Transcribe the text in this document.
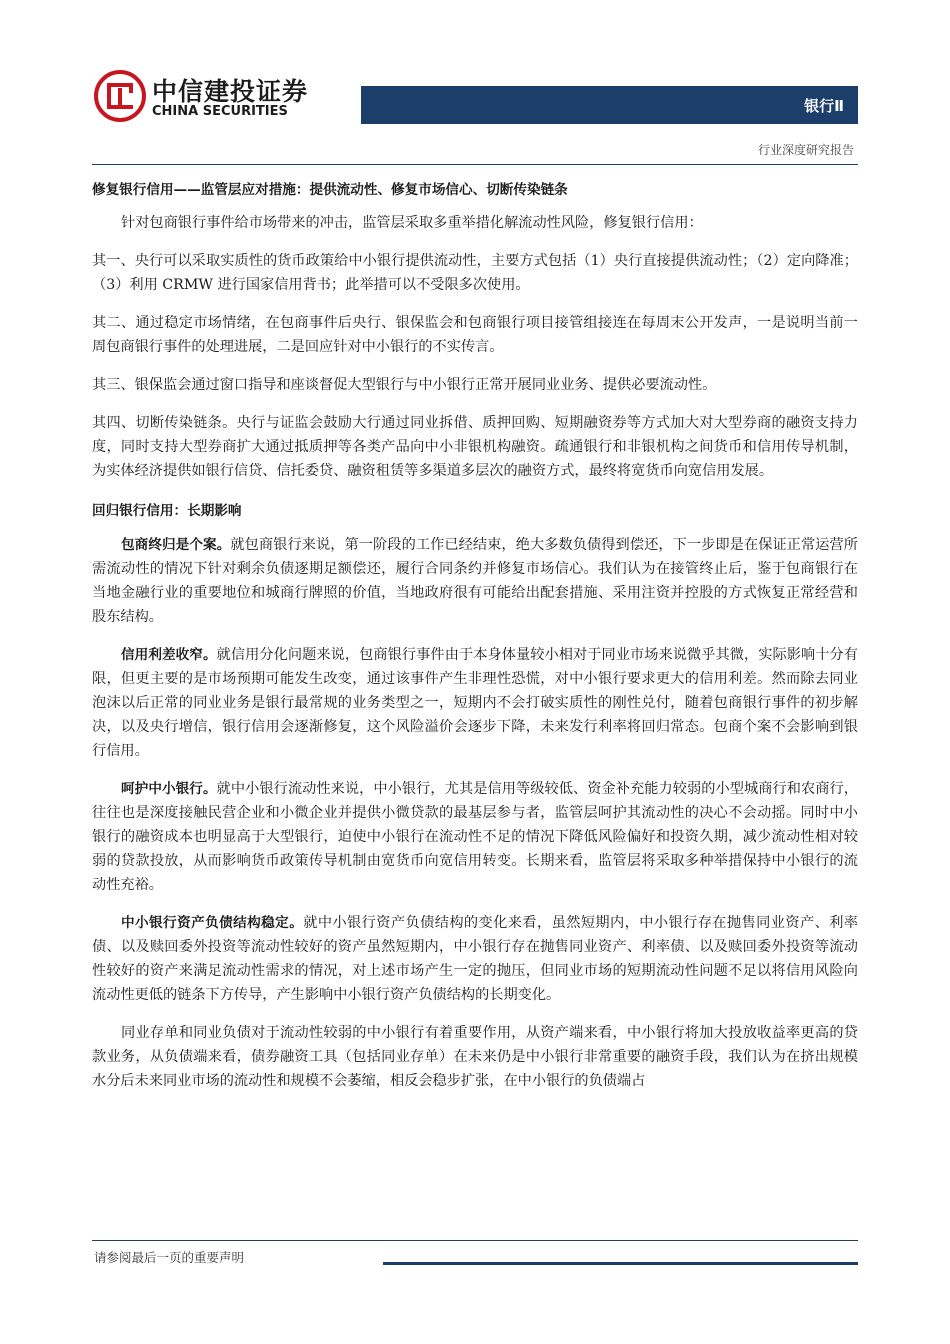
中信建投证券
CHINA SECURITIES	银行Ⅱ
行业深度研究报告

修复银行信用——监管层应对措施：提供流动性、修复市场信心、切断传染链条

针对包商银行事件给市场带来的冲击，监管层采取多重举措化解流动性风险，修复银行信用：

其一、央行可以采取实质性的货币政策给中小银行提供流动性，主要方式包括（1）央行直接提供流动性；（2）定向降准；（3）利用 CRMW 进行国家信用背书；此举措可以不受限多次使用。

其二、通过稳定市场情绪，在包商事件后央行、银保监会和包商银行项目接管组接连在每周末公开发声，一是说明当前一周包商银行事件的处理进展，二是回应针对中小银行的不实传言。

其三、银保监会通过窗口指导和座谈督促大型银行与中小银行正常开展同业业务、提供必要流动性。

其四、切断传染链条。央行与证监会鼓励大行通过同业拆借、质押回购、短期融资券等方式加大对大型券商的融资支持力度，同时支持大型券商扩大通过抵质押等各类产品向中小非银机构融资。疏通银行和非银机构之间货币和信用传导机制，为实体经济提供如银行信贷、信托委贷、融资租赁等多渠道多层次的融资方式，最终将宽货币向宽信用发展。

回归银行信用：长期影响

包商终归是个案。就包商银行来说，第一阶段的工作已经结束，绝大多数负债得到偿还，下一步即是在保证正常运营所需流动性的情况下针对剩余负债逐期足额偿还，履行合同条约并修复市场信心。我们认为在接管终止后，鉴于包商银行在当地金融行业的重要地位和城商行牌照的价值，当地政府很有可能给出配套措施、采用注资并控股的方式恢复正常经营和股东结构。

信用利差收窄。就信用分化问题来说，包商银行事件由于本身体量较小相对于同业市场来说微乎其微，实际影响十分有限，但更主要的是市场预期可能发生改变，通过该事件产生非理性恐慌，对中小银行要求更大的信用利差。然而除去同业泡沫以后正常的同业业务是银行最常规的业务类型之一，短期内不会打破实质性的刚性兑付，随着包商银行事件的初步解决，以及央行增信，银行信用会逐渐修复，这个风险溢价会逐步下降，未来发行利率将回归常态。包商个案不会影响到银行信用。

呵护中小银行。就中小银行流动性来说，中小银行，尤其是信用等级较低、资金补充能力较弱的小型城商行和农商行，往往也是深度接触民营企业和小微企业并提供小微贷款的最基层参与者，监管层呵护其流动性的决心不会动摇。同时中小银行的融资成本也明显高于大型银行，迫使中小银行在流动性不足的情况下降低风险偏好和投资久期，减少流动性相对较弱的贷款投放，从而影响货币政策传导机制由宽货币向宽信用转变。长期来看，监管层将采取多种举措保持中小银行的流动性充裕。

中小银行资产负债结构稳定。就中小银行资产负债结构的变化来看，虽然短期内，中小银行存在抛售同业资产、利率债、以及赎回委外投资等流动性较好的资产虽然短期内，中小银行存在抛售同业资产、利率债、以及赎回委外投资等流动性较好的资产来满足流动性需求的情况，对上述市场产生一定的抛压，但同业市场的短期流动性问题不足以将信用风险向流动性更低的链条下方传导，产生影响中小银行资产负债结构的长期变化。

同业存单和同业负债对于流动性较弱的中小银行有着重要作用，从资产端来看，中小银行将加大投放收益率更高的贷款业务，从负债端来看，债券融资工具（包括同业存单）在未来仍是中小银行非常重要的融资手段，我们认为在挤出规模水分后未来同业市场的流动性和规模不会萎缩，相反会稳步扩张，在中小银行的负债端占

请参阅最后一页的重要声明
